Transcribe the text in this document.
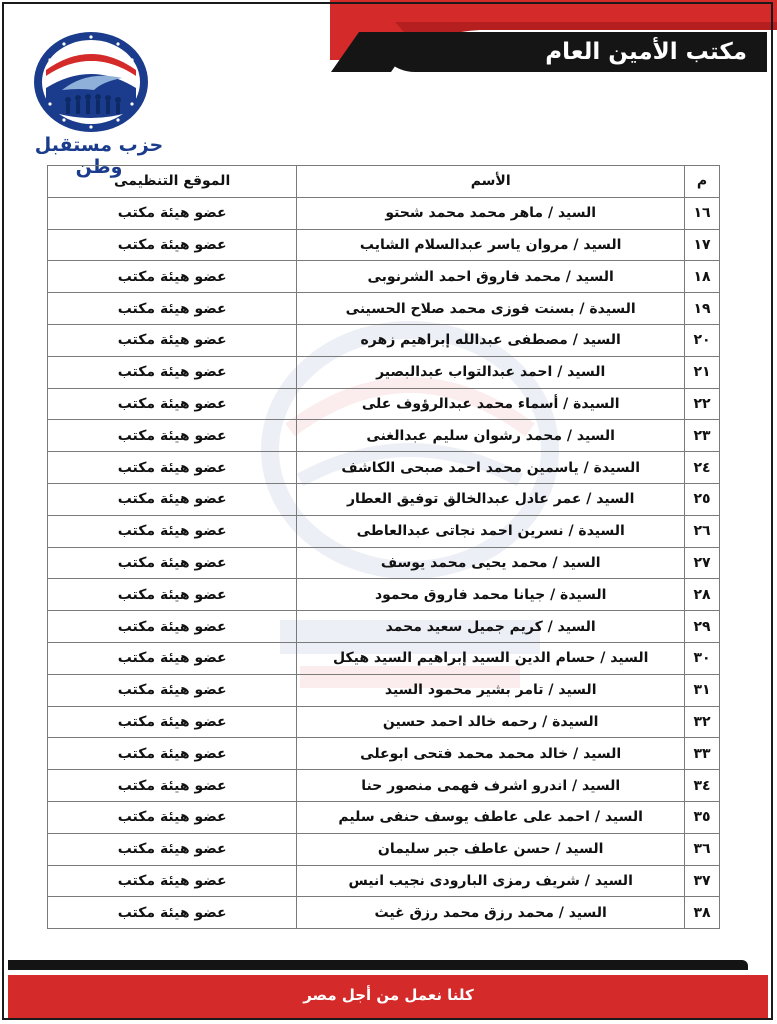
مكتب الأمين العام
حزب مستقبل وطن
م	الأسم	الموقع التنظيمى
١٦	السيد / ماهر محمد محمد شحتو	عضو هيئة مكتب
١٧	السيد / مروان ياسر عبدالسلام الشايب	عضو هيئة مكتب
١٨	السيد / محمد فاروق احمد الشرنوبى	عضو هيئة مكتب
١٩	السيدة / بسنت فوزى محمد صلاح الحسينى	عضو هيئة مكتب
٢٠	السيد / مصطفى عبدالله إبراهيم زهره	عضو هيئة مكتب
٢١	السيد / احمد عبدالتواب عبدالبصير	عضو هيئة مكتب
٢٢	السيدة / أسماء محمد عبدالرؤوف على	عضو هيئة مكتب
٢٣	السيد / محمد رشوان سليم عبدالغنى	عضو هيئة مكتب
٢٤	السيدة / ياسمين محمد احمد صبحى الكاشف	عضو هيئة مكتب
٢٥	السيد / عمر عادل عبدالخالق توفيق العطار	عضو هيئة مكتب
٢٦	السيدة / نسرين احمد نجاتى عبدالعاطى	عضو هيئة مكتب
٢٧	السيد / محمد يحيى محمد يوسف	عضو هيئة مكتب
٢٨	السيدة / جيانا محمد فاروق محمود	عضو هيئة مكتب
٢٩	السيد / كريم جميل سعيد محمد	عضو هيئة مكتب
٣٠	السيد / حسام الدين السيد إبراهيم السيد هيكل	عضو هيئة مكتب
٣١	السيد / تامر بشير محمود السيد	عضو هيئة مكتب
٣٢	السيدة / رحمه خالد احمد حسين	عضو هيئة مكتب
٣٣	السيد / خالد محمد محمد فتحى ابوعلى	عضو هيئة مكتب
٣٤	السيد / اندرو اشرف فهمى منصور حنا	عضو هيئة مكتب
٣٥	السيد / احمد على عاطف يوسف حنفى سليم	عضو هيئة مكتب
٣٦	السيد / حسن عاطف جبر سليمان	عضو هيئة مكتب
٣٧	السيد / شريف رمزى البارودى نجيب انيس	عضو هيئة مكتب
٣٨	السيد / محمد رزق محمد رزق غيث	عضو هيئة مكتب
كلنا نعمل من أجل مصر
